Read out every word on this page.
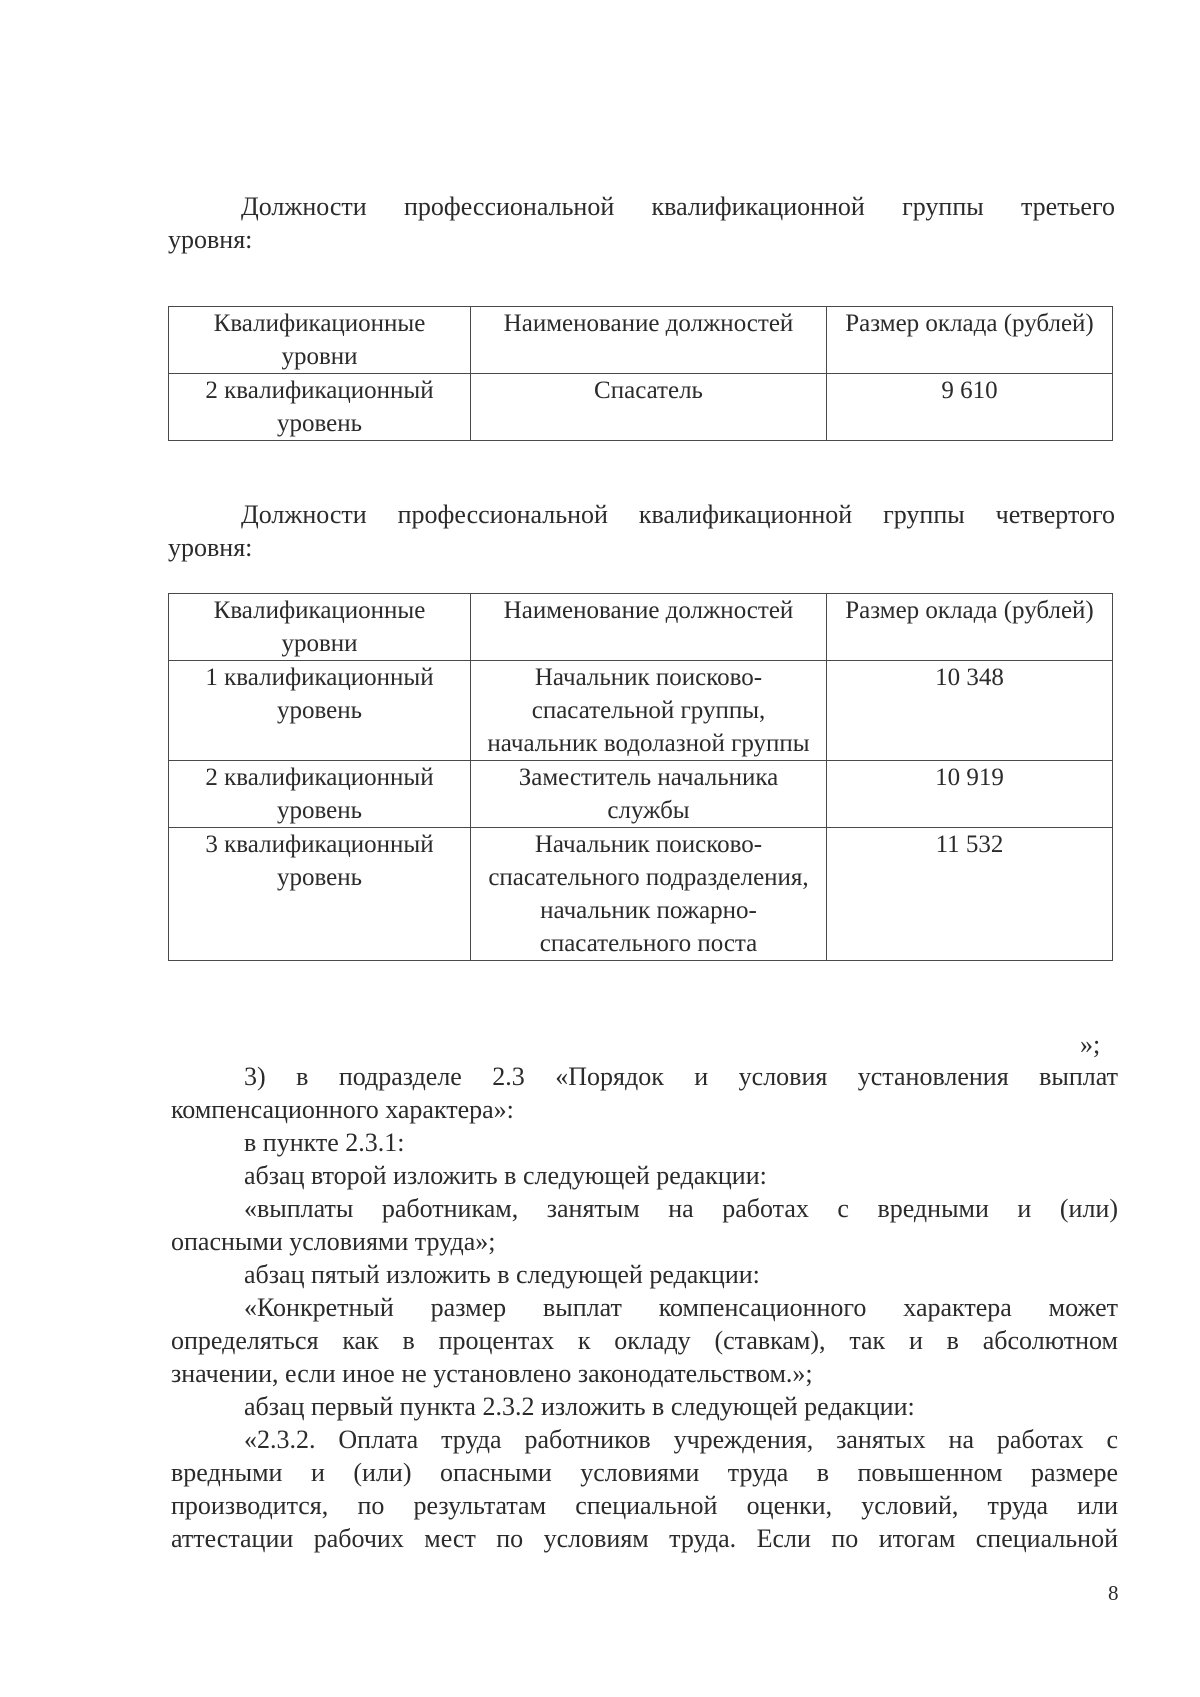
Должности профессиональной квалификационной группы третьего
уровня:

Квалификационные уровни	Наименование должностей	Размер оклада (рублей)
2 квалификационный уровень	Спасатель	9 610

Должности профессиональной квалификационной группы четвертого
уровня:

Квалификационные уровни	Наименование должностей	Размер оклада (рублей)
1 квалификационный уровень	Начальник поисково-спасательной группы, начальник водолазной группы	10 348
2 квалификационный уровень	Заместитель начальника службы	10 919
3 квалификационный уровень	Начальник поисково-спасательного подразделения, начальник пожарно-спасательного поста	11 532
»;
3) в подразделе 2.3 «Порядок и условия установления выплат
компенсационного характера»:
в пункте 2.3.1:
абзац второй изложить в следующей редакции:
«выплаты работникам, занятым на работах с вредными и (или)
опасными условиями труда»;
абзац пятый изложить в следующей редакции:
«Конкретный размер выплат компенсационного характера может
определяться как в процентах к окладу (ставкам), так и в абсолютном
значении, если иное не установлено законодательством.»;
абзац первый пункта 2.3.2 изложить в следующей редакции:
«2.3.2. Оплата труда работников учреждения, занятых на работах с
вредными и (или) опасными условиями труда в повышенном размере
производится, по результатам специальной оценки, условий, труда или
аттестации рабочих мест по условиям труда. Если по итогам специальной
8
